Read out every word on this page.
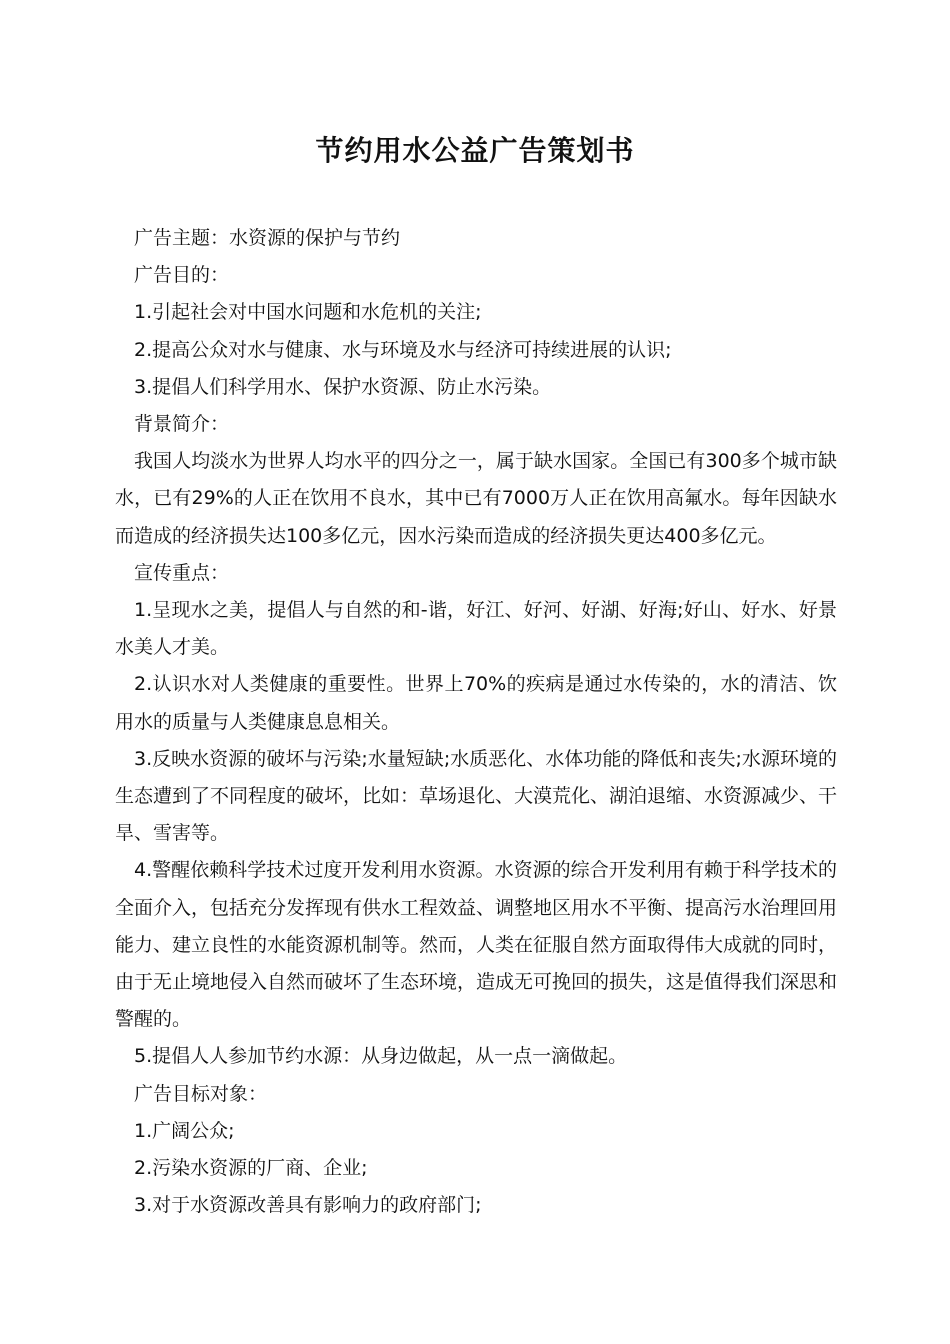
节约用水公益广告策划书

广告主题：水资源的保护与节约

广告目的：

1.引起社会对中国水问题和水危机的关注;

2.提高公众对水与健康、水与环境及水与经济可持续进展的认识;

3.提倡人们科学用水、保护水资源、防止水污染。

背景简介：

我国人均淡水为世界人均水平的四分之一，属于缺水国家。全国已有300多个城市缺水，已有29%的人正在饮用不良水，其中已有7000万人正在饮用高氟水。每年因缺水而造成的经济损失达100多亿元，因水污染而造成的经济损失更达400多亿元。

宣传重点：

1.呈现水之美，提倡人与自然的和-谐，好江、好河、好湖、好海;好山、好水、好景水美人才美。

2.认识水对人类健康的重要性。世界上70%的疾病是通过水传染的，水的清洁、饮用水的质量与人类健康息息相关。

3.反映水资源的破坏与污染;水量短缺;水质恶化、水体功能的降低和丧失;水源环境的生态遭到了不同程度的破坏，比如：草场退化、大漠荒化、湖泊退缩、水资源减少、干旱、雪害等。

4.警醒依赖科学技术过度开发利用水资源。水资源的综合开发利用有赖于科学技术的全面介入，包括充分发挥现有供水工程效益、调整地区用水不平衡、提高污水治理回用能力、建立良性的水能资源机制等。然而，人类在征服自然方面取得伟大成就的同时，由于无止境地侵入自然而破坏了生态环境，造成无可挽回的损失，这是值得我们深思和警醒的。

5.提倡人人参加节约水源：从身边做起，从一点一滴做起。

广告目标对象：

1.广阔公众;

2.污染水资源的厂商、企业;

3.对于水资源改善具有影响力的政府部门;
